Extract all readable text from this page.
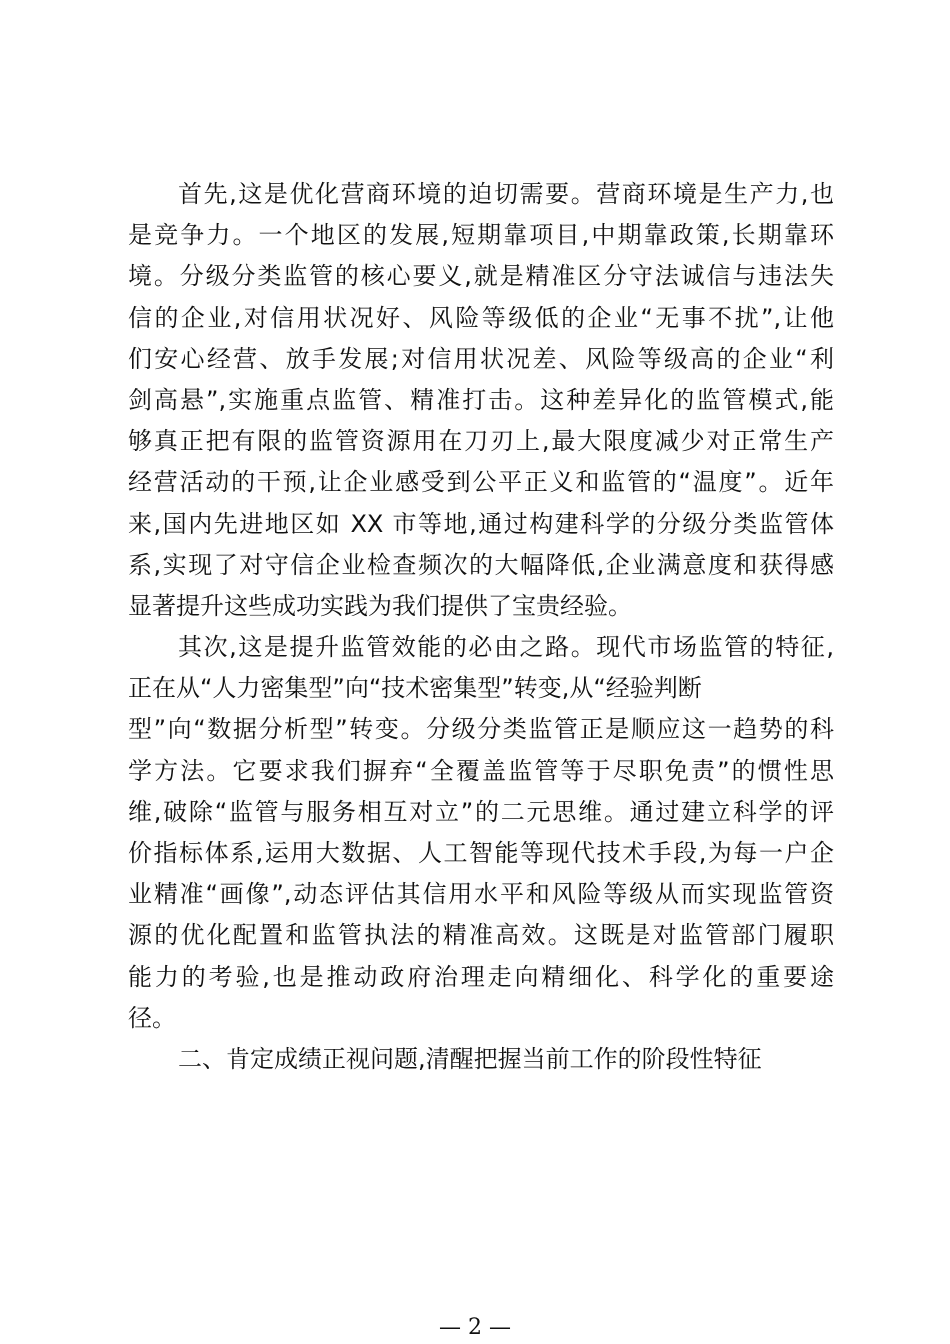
首先,这是优化营商环境的迫切需要。营商环境是生产力,也
是竞争力。一个地区的发展,短期靠项目,中期靠政策,长期靠环
境。分级分类监管的核心要义,就是精准区分守法诚信与违法失
信的企业,对信用状况好、风险等级低的企业“无事不扰”,让他
们安心经营、放手发展;对信用状况差、风险等级高的企业“利
剑高悬”,实施重点监管、精准打击。这种差异化的监管模式,能
够真正把有限的监管资源用在刀刃上,最大限度减少对正常生产
经营活动的干预,让企业感受到公平正义和监管的“温度”。近年
来,国内先进地区如 XX 市等地,通过构建科学的分级分类监管体
系,实现了对守信企业检查频次的大幅降低,企业满意度和获得感
显著提升这些成功实践为我们提供了宝贵经验。
其次,这是提升监管效能的必由之路。现代市场监管的特征,
正在从“人力密集型”向“技术密集型”转变,从“经验判断
型”向“数据分析型”转变。分级分类监管正是顺应这一趋势的科
学方法。它要求我们摒弃“全覆盖监管等于尽职免责”的惯性思
维,破除“监管与服务相互对立”的二元思维。通过建立科学的评
价指标体系,运用大数据、人工智能等现代技术手段,为每一户企
业精准“画像”,动态评估其信用水平和风险等级从而实现监管资
源的优化配置和监管执法的精准高效。这既是对监管部门履职
能力的考验,也是推动政府治理走向精细化、科学化的重要途
径。
二、肯定成绩正视问题,清醒把握当前工作的阶段性特征
— 2 —
